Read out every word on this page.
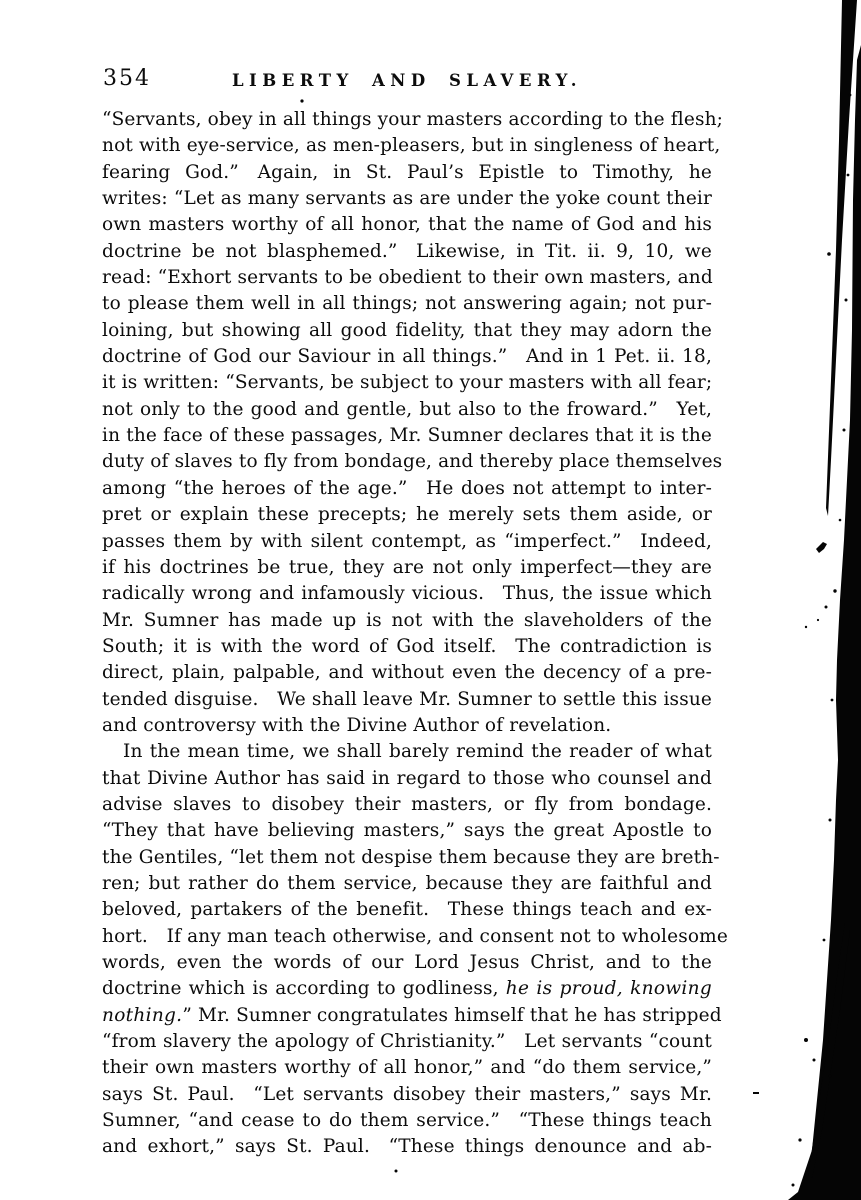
354	LIBERTY AND SLAVERY.
“Servants, obey in all things your masters according to the flesh;
not with eye-service, as men-pleasers, but in singleness of heart,
fearing God.” Again, in St. Paul’s Epistle to Timothy, he
writes: “Let as many servants as are under the yoke count their
own masters worthy of all honor, that the name of God and his
doctrine be not blasphemed.” Likewise, in Tit. ii. 9, 10, we
read: “Exhort servants to be obedient to their own masters, and
to please them well in all things; not answering again; not pur-
loining, but showing all good fidelity, that they may adorn the
doctrine of God our Saviour in all things.” And in 1 Pet. ii. 18,
it is written: “Servants, be subject to your masters with all fear;
not only to the good and gentle, but also to the froward.” Yet,
in the face of these passages, Mr. Sumner declares that it is the
duty of slaves to fly from bondage, and thereby place themselves
among “the heroes of the age.” He does not attempt to inter-
pret or explain these precepts; he merely sets them aside, or
passes them by with silent contempt, as “imperfect.” Indeed,
if his doctrines be true, they are not only imperfect—they are
radically wrong and infamously vicious. Thus, the issue which
Mr. Sumner has made up is not with the slaveholders of the
South; it is with the word of God itself. The contradiction is
direct, plain, palpable, and without even the decency of a pre-
tended disguise. We shall leave Mr. Sumner to settle this issue
and controversy with the Divine Author of revelation.
In the mean time, we shall barely remind the reader of what
that Divine Author has said in regard to those who counsel and
advise slaves to disobey their masters, or fly from bondage.
“They that have believing masters,” says the great Apostle to
the Gentiles, “let them not despise them because they are breth-
ren; but rather do them service, because they are faithful and
beloved, partakers of the benefit. These things teach and ex-
hort. If any man teach otherwise, and consent not to wholesome
words, even the words of our Lord Jesus Christ, and to the
doctrine which is according to godliness, he is proud, knowing
nothing.” Mr. Sumner congratulates himself that he has stripped
“from slavery the apology of Christianity.” Let servants “count
their own masters worthy of all honor,” and “do them service,”
says St. Paul. “Let servants disobey their masters,” says Mr.
Sumner, “and cease to do them service.” “These things teach
and exhort,” says St. Paul. “These things denounce and ab-
